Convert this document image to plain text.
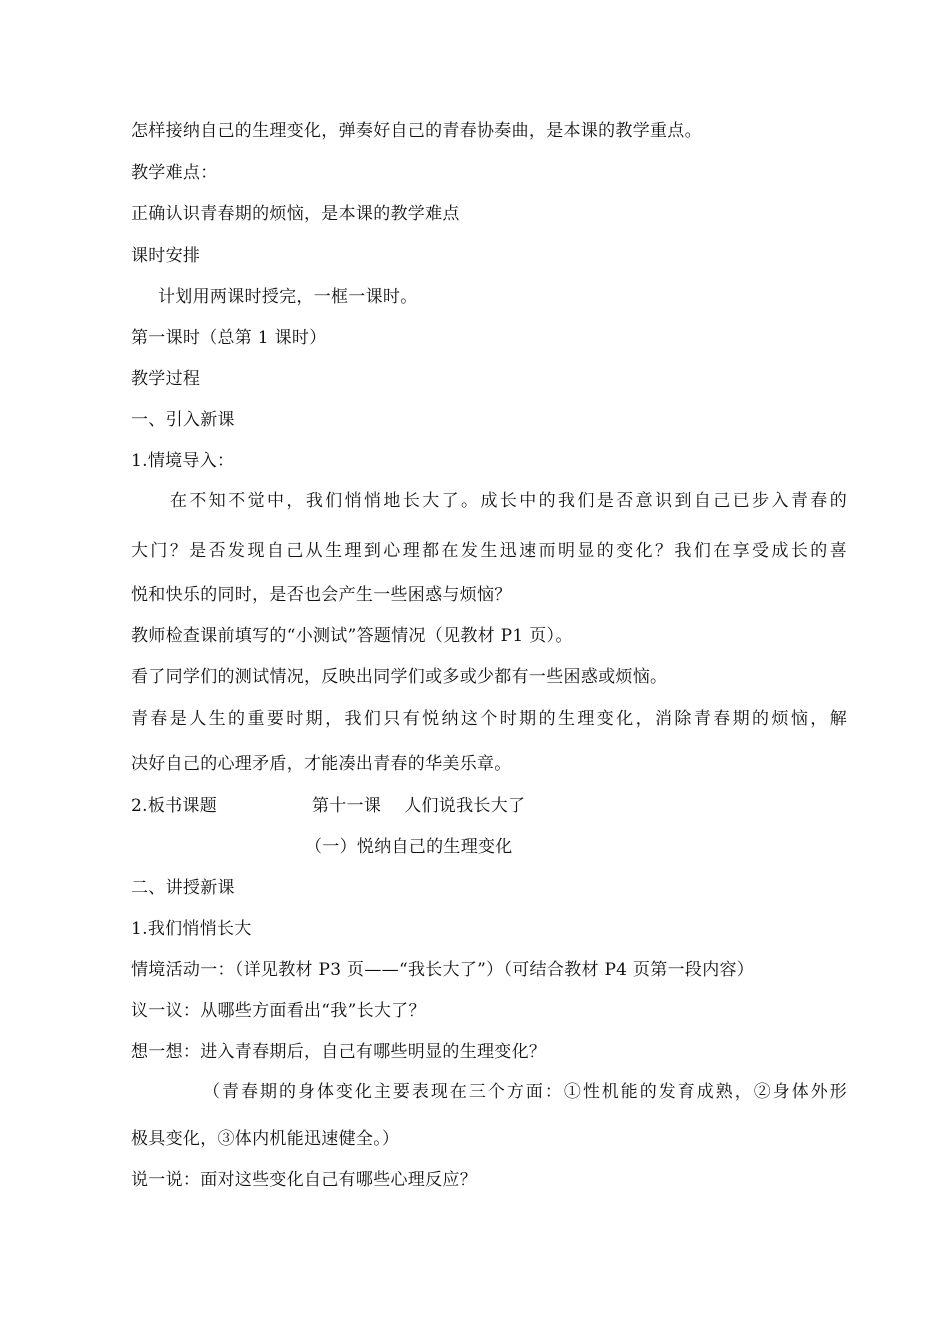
怎样接纳自己的生理变化，弹奏好自己的青春协奏曲，是本课的教学重点。
教学难点：
正确认识青春期的烦恼，是本课的教学难点
课时安排
计划用两课时授完，一框一课时。
第一课时（总第 1 课时）
教学过程
一、引入新课
1.情境导入：
在不知不觉中，我们悄悄地长大了。成长中的我们是否意识到自己已步入青春的
大门？是否发现自己从生理到心理都在发生迅速而明显的变化？我们在享受成长的喜
悦和快乐的同时，是否也会产生一些困惑与烦恼？
教师检查课前填写的“小测试”答题情况（见教材 P1 页）。
看了同学们的测试情况，反映出同学们或多或少都有一些困惑或烦恼。
青春是人生的重要时期，我们只有悦纳这个时期的生理变化，消除青春期的烦恼，解
决好自己的心理矛盾，才能凑出青春的华美乐章。
2.板书课题	第十一课　 人们说我长大了
（一）悦纳自己的生理变化
二、讲授新课
1.我们悄悄长大
情境活动一：（详见教材 P3 页——“我长大了”）（可结合教材 P4 页第一段内容）
议一议：从哪些方面看出“我”长大了？
想一想：进入青春期后，自己有哪些明显的生理变化？
（青春期的身体变化主要表现在三个方面：①性机能的发育成熟，②身体外形
极具变化，③体内机能迅速健全。）
说一说：面对这些变化自己有哪些心理反应？
